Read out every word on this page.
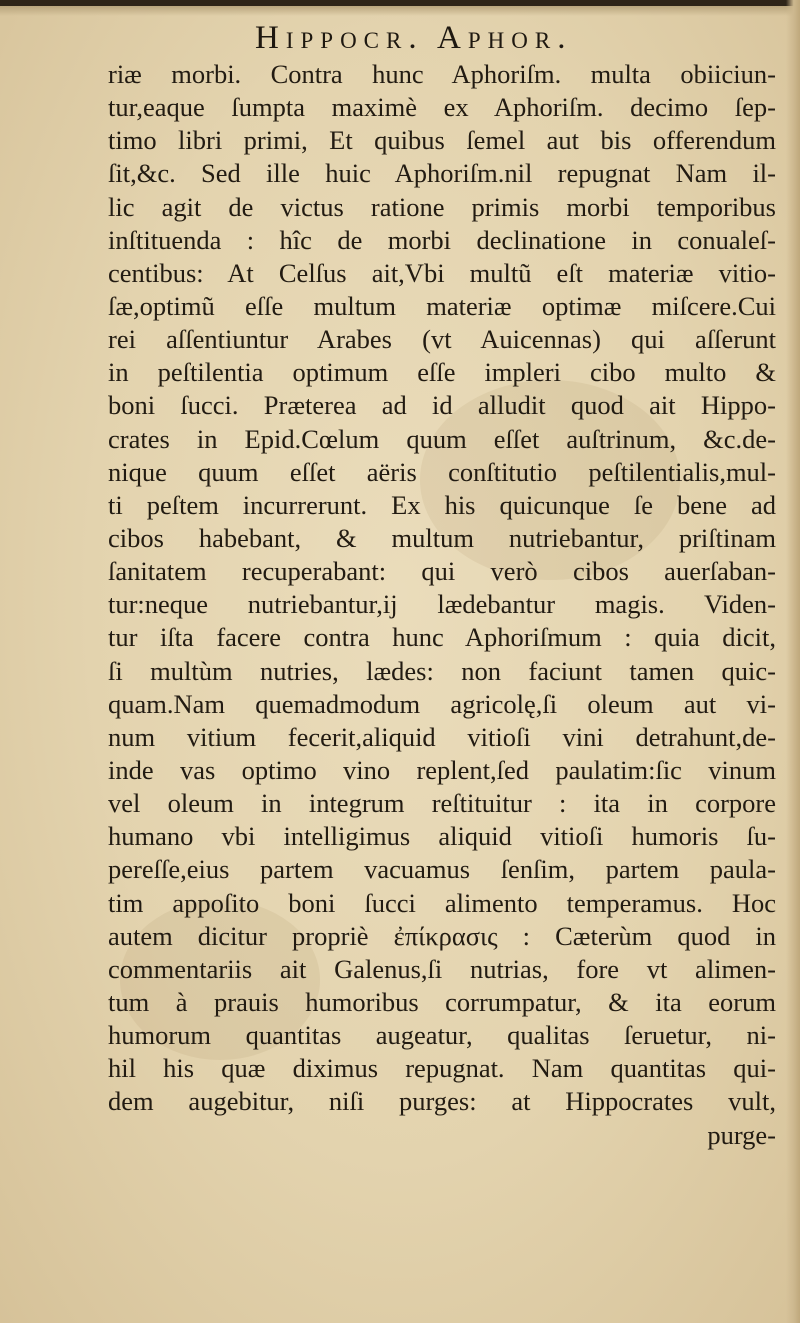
Hippocr. Aphor.
riæ morbi. Contra hunc Aphoriſm. multa obiiciun-
tur,eaque ſumpta maximè ex Aphoriſm. decimo ſep-
timo libri primi, Et quibus ſemel aut bis offerendum
ſit,&c. Sed ille huic Aphoriſm.nil repugnat Nam il-
lic agit de victus ratione primis morbi temporibus
inſtituenda : hîc de morbi declinatione in conualeſ-
centibus: At Celſus ait,Vbi multũ eſt materiæ vitio-
ſæ,optimũ eſſe multum materiæ optimæ miſcere.Cui
rei aſſentiuntur Arabes (vt Auicennas) qui aſſerunt
in peſtilentia optimum eſſe impleri cibo multo &
boni ſucci. Præterea ad id alludit quod ait Hippo-
crates in Epid.Cœlum quum eſſet auſtrinum, &c.de-
nique quum eſſet aëris conſtitutio peſtilentialis,mul-
ti peſtem incurrerunt. Ex his quicunque ſe bene ad
cibos habebant, & multum nutriebantur, priſtinam
ſanitatem recuperabant: qui verò cibos auerſaban-
tur:neque nutriebantur,ij lædebantur magis. Viden-
tur iſta facere contra hunc Aphoriſmum : quia dicit,
ſi multùm nutries, lædes: non faciunt tamen quic-
quam.Nam quemadmodum agricolę,ſi oleum aut vi-
num vitium fecerit,aliquid vitioſi vini detrahunt,de-
inde vas optimo vino replent,ſed paulatim:ſic vinum
vel oleum in integrum reſtituitur : ita in corpore
humano vbi intelligimus aliquid vitioſi humoris ſu-
pereſſe,eius partem vacuamus ſenſim, partem paula-
tim appoſito boni ſucci alimento temperamus. Hoc
autem dicitur propriè ἐπίκρασις : Cæterùm quod in
commentariis ait Galenus,ſi nutrias, fore vt alimen-
tum à prauis humoribus corrumpatur, & ita eorum
humorum quantitas augeatur, qualitas ſeruetur, ni-
hil his quæ diximus repugnat. Nam quantitas qui-
dem augebitur, niſi purges: at Hippocrates vult,
purge-
